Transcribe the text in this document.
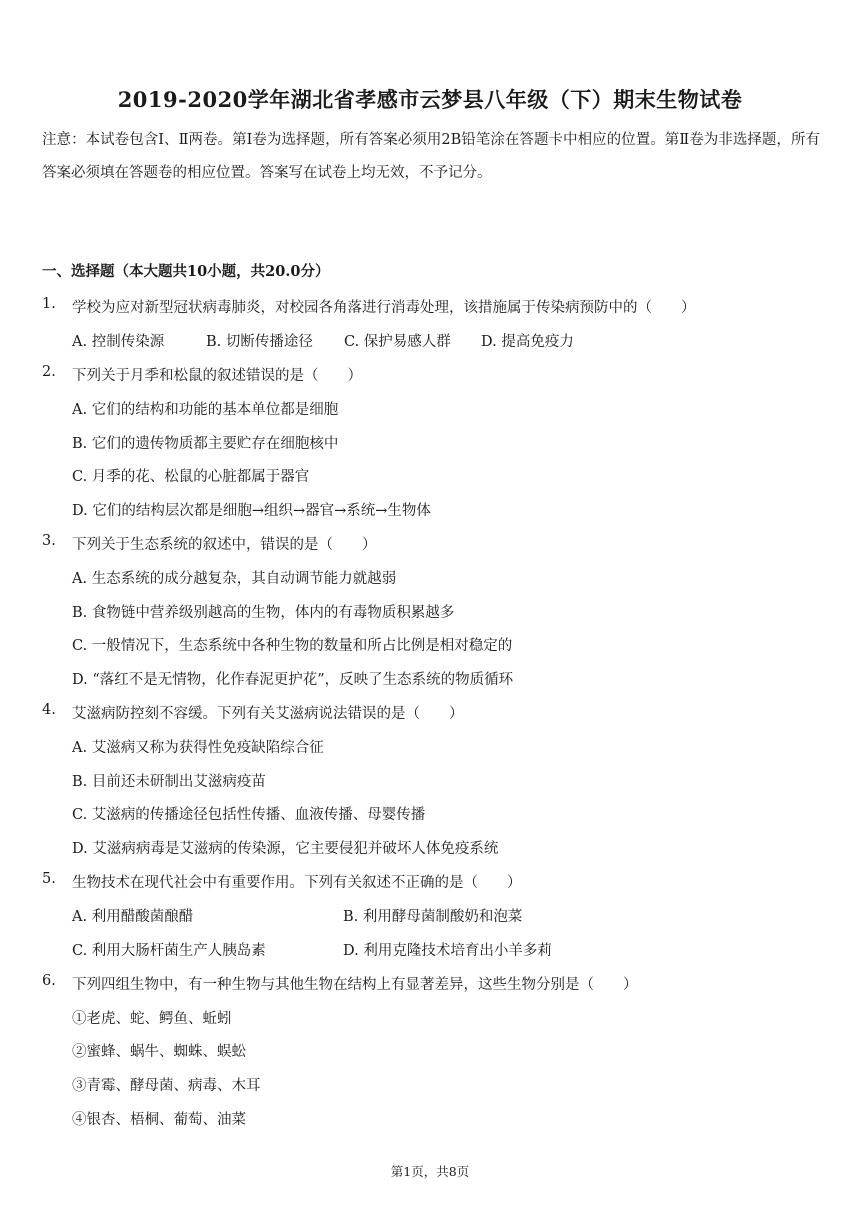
2019-2020学年湖北省孝感市云梦县八年级（下）期末生物试卷
注意：本试卷包含Ⅰ、Ⅱ两卷。第Ⅰ卷为选择题，所有答案必须用2B铅笔涂在答题卡中相应的位置。第Ⅱ卷为非选择题，所有答案必须填在答题卷的相应位置。答案写在试卷上均无效，不予记分。
一、选择题（本大题共10小题，共20.0分）
1. 学校为应对新型冠状病毒肺炎，对校园各角落进行消毒处理，该措施属于传染病预防中的（　　）
A. 控制传染源	B. 切断传播途径 C. 保护易感人群 D. 提高免疫力
2. 下列关于月季和松鼠的叙述错误的是（　　）
A. 它们的结构和功能的基本单位都是细胞
B. 它们的遗传物质都主要贮存在细胞核中
C. 月季的花、松鼠的心脏都属于器官
D. 它们的结构层次都是细胞→组织→器官→系统→生物体
3. 下列关于生态系统的叙述中，错误的是（　　）
A. 生态系统的成分越复杂，其自动调节能力就越弱
B. 食物链中营养级别越高的生物，体内的有毒物质积累越多
C. 一般情况下，生态系统中各种生物的数量和所占比例是相对稳定的
D. “落红不是无情物，化作春泥更护花”，反映了生态系统的物质循环
4. 艾滋病防控刻不容缓。下列有关艾滋病说法错误的是（　　）
A. 艾滋病又称为获得性免疫缺陷综合征
B. 目前还未研制出艾滋病疫苗
C. 艾滋病的传播途径包括性传播、血液传播、母婴传播
D. 艾滋病病毒是艾滋病的传染源，它主要侵犯并破坏人体免疫系统
5. 生物技术在现代社会中有重要作用。下列有关叙述不正确的是（　　）
A. 利用醋酸菌酿醋	B. 利用酵母菌制酸奶和泡菜
C. 利用大肠杆菌生产人胰岛素	D. 利用克隆技术培育出小羊多莉
6. 下列四组生物中，有一种生物与其他生物在结构上有显著差异，这些生物分别是（　　）
①老虎、蛇、鳄鱼、蚯蚓
②蜜蜂、蜗牛、蜘蛛、蜈蚣
③青霉、酵母菌、病毒、木耳
④银杏、梧桐、葡萄、油菜
第1页，共8页
